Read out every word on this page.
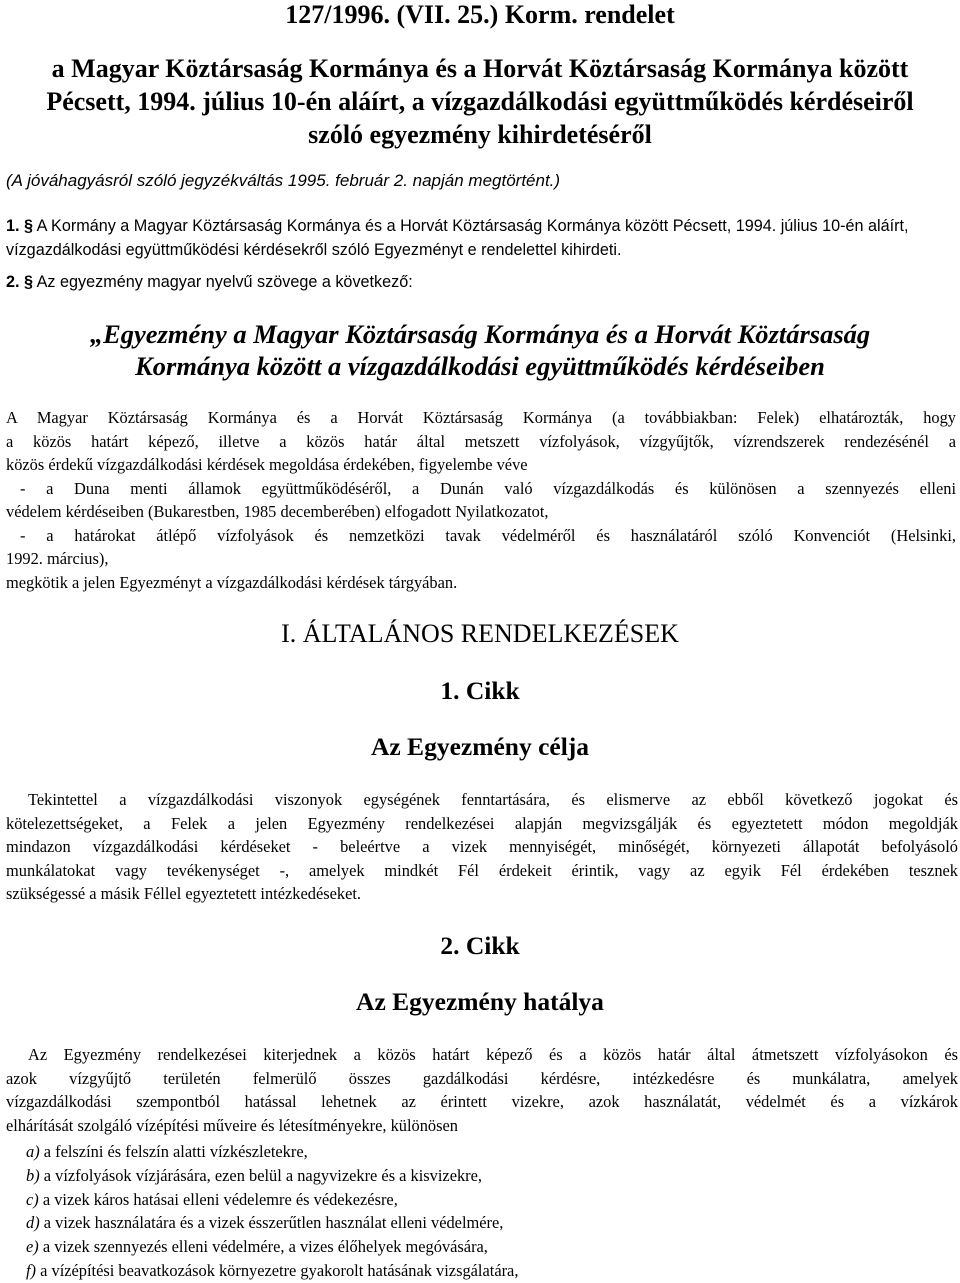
127/1996. (VII. 25.) Korm. rendelet
a Magyar Köztársaság Kormánya és a Horvát Köztársaság Kormánya között
Pécsett, 1994. július 10-én aláírt, a vízgazdálkodási együttműködés kérdéseiről
szóló egyezmény kihirdetéséről
(A jóváhagyásról szóló jegyzékváltás 1995. február 2. napján megtörtént.)

1. § A Kormány a Magyar Köztársaság Kormánya és a Horvát Köztársaság Kormánya között Pécsett, 1994. július 10-én aláírt, vízgazdálkodási együttműködési kérdésekről szóló Egyezményt e rendelettel kihirdeti.

2. § Az egyezmény magyar nyelvű szövege a következő:

„Egyezmény a Magyar Köztársaság Kormánya és a Horvát Köztársaság
Kormánya között a vízgazdálkodási együttműködés kérdéseiben
A Magyar Köztársaság Kormánya és a Horvát Köztársaság Kormánya (a továbbiakban: Felek) elhatározták, hogy
a közös határt képező, illetve a közös határ által metszett vízfolyások, vízgyűjtők, vízrendszerek rendezésénél a
közös érdekű vízgazdálkodási kérdések megoldása érdekében, figyelembe véve
- a Duna menti államok együttműködéséről, a Dunán való vízgazdálkodás és különösen a szennyezés elleni
védelem kérdéseiben (Bukarestben, 1985 decemberében) elfogadott Nyilatkozatot,
- a határokat átlépő vízfolyások és nemzetközi tavak védelméről és használatáról szóló Konvenciót (Helsinki,
1992. március),
megkötik a jelen Egyezményt a vízgazdálkodási kérdések tárgyában.
I. ÁLTALÁNOS RENDELKEZÉSEK
1. Cikk
Az Egyezmény célja
Tekintettel a vízgazdálkodási viszonyok egységének fenntartására, és elismerve az ebből következő jogokat és
kötelezettségeket, a Felek a jelen Egyezmény rendelkezései alapján megvizsgálják és egyeztetett módon megoldják
mindazon vízgazdálkodási kérdéseket - beleértve a vizek mennyiségét, minőségét, környezeti állapotát befolyásoló
munkálatokat vagy tevékenységet -, amelyek mindkét Fél érdekeit érintik, vagy az egyik Fél érdekében tesznek
szükségessé a másik Féllel egyeztetett intézkedéseket.
2. Cikk
Az Egyezmény hatálya
Az Egyezmény rendelkezései kiterjednek a közös határt képező és a közös határ által átmetszett vízfolyásokon és
azok vízgyűjtő területén felmerülő összes gazdálkodási kérdésre, intézkedésre és munkálatra, amelyek
vízgazdálkodási szempontból hatással lehetnek az érintett vizekre, azok használatát, védelmét és a vízkárok
elhárítását szolgáló vízépítési műveire és létesítményekre, különösen
a) a felszíni és felszín alatti vízkészletekre,
b) a vízfolyások vízjárására, ezen belül a nagyvizekre és a kisvizekre,
c) a vizek káros hatásai elleni védelemre és védekezésre,
d) a vizek használatára és a vizek ésszerűtlen használat elleni védelmére,
e) a vizek szennyezés elleni védelmére, a vizes élőhelyek megóvására,
f) a vízépítési beavatkozások környezetre gyakorolt hatásának vizsgálatára,
